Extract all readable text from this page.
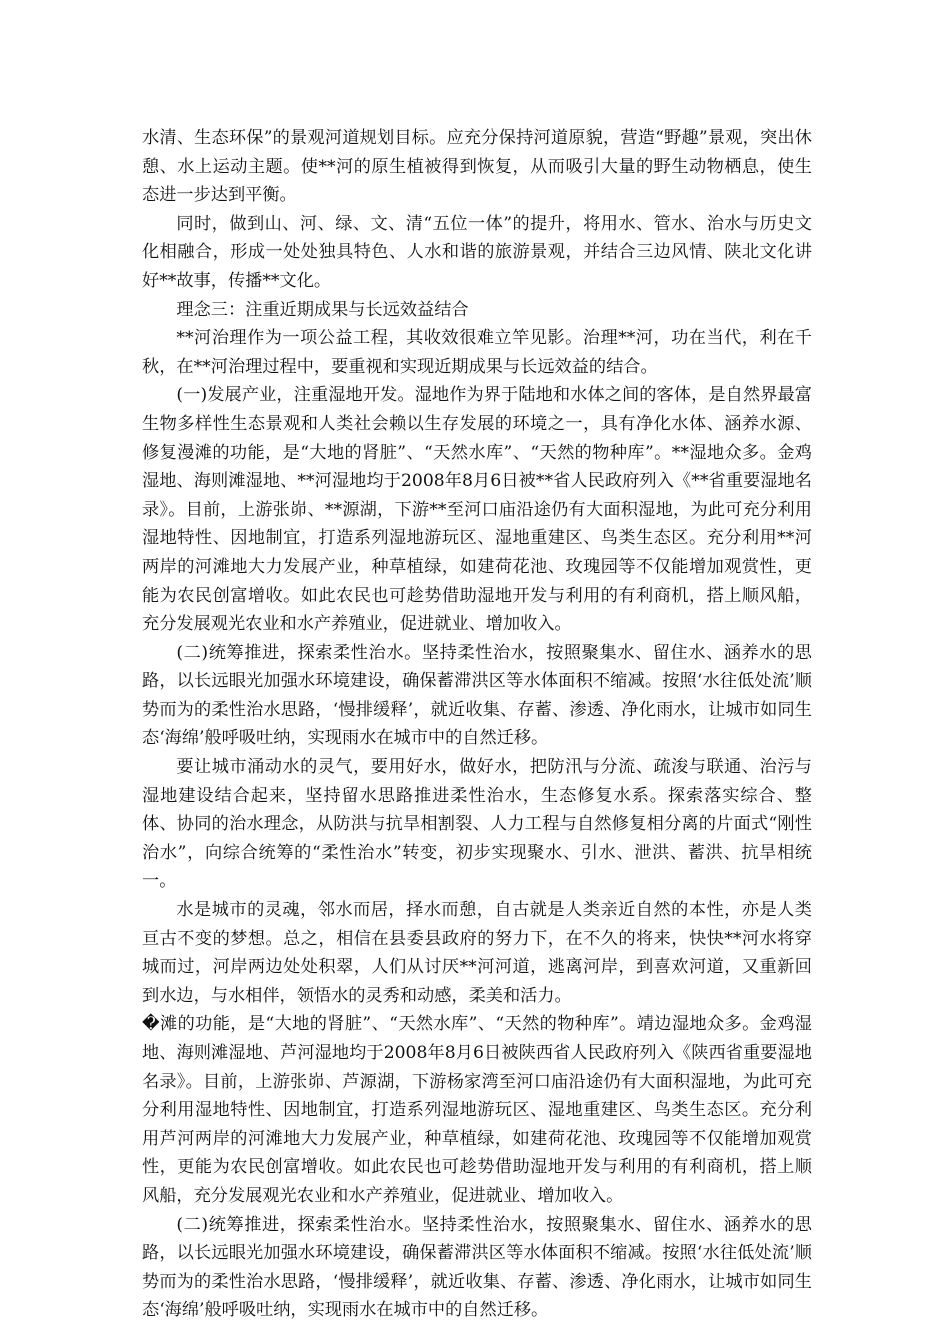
水清、生态环保”的景观河道规划目标。应充分保持河道原貌，营造“野趣”景观，突出休憩、水上运动主题。使**河的原生植被得到恢复，从而吸引大量的野生动物栖息，使生态进一步达到平衡。

同时，做到山、河、绿、文、清“五位一体”的提升，将用水、管水、治水与历史文化相融合，形成一处处独具特色、人水和谐的旅游景观，并结合三边风情、陕北文化讲好**故事，传播**文化。

理念三：注重近期成果与长远效益结合

**河治理作为一项公益工程，其收效很难立竿见影。治理**河，功在当代，利在千秋，在**河治理过程中，要重视和实现近期成果与长远效益的结合。

(一)发展产业，注重湿地开发。湿地作为界于陆地和水体之间的客体，是自然界最富生物多样性生态景观和人类社会赖以生存发展的环境之一，具有净化水体、涵养水源、修复漫滩的功能，是“大地的肾脏”、“天然水库”、“天然的物种库”。**湿地众多。金鸡湿地、海则滩湿地、**河湿地均于2008年8月6日被**省人民政府列入《**省重要湿地名录》。目前，上游张峁、**源湖，下游**至河口庙沿途仍有大面积湿地，为此可充分利用湿地特性、因地制宜，打造系列湿地游玩区、湿地重建区、鸟类生态区。充分利用**河两岸的河滩地大力发展产业，种草植绿，如建荷花池、玫瑰园等不仅能增加观赏性，更能为农民创富增收。如此农民也可趁势借助湿地开发与利用的有利商机，搭上顺风船，充分发展观光农业和水产养殖业，促进就业、增加收入。

(二)统筹推进，探索柔性治水。坚持柔性治水，按照聚集水、留住水、涵养水的思路，以长远眼光加强水环境建设，确保蓄滞洪区等水体面积不缩减。按照‘水往低处流’顺势而为的柔性治水思路，‘慢排缓释’，就近收集、存蓄、渗透、净化雨水，让城市如同生态‘海绵’般呼吸吐纳，实现雨水在城市中的自然迁移。

要让城市涌动水的灵气，要用好水，做好水，把防汛与分流、疏浚与联通、治污与湿地建设结合起来，坚持留水思路推进柔性治水，生态修复水系。探索落实综合、整体、协同的治水理念，从防洪与抗旱相割裂、人力工程与自然修复相分离的片面式“刚性治水”，向综合统筹的“柔性治水”转变，初步实现聚水、引水、泄洪、蓄洪、抗旱相统一。

水是城市的灵魂，邻水而居，择水而憩，自古就是人类亲近自然的本性，亦是人类亘古不变的梦想。总之，相信在县委县政府的努力下，在不久的将来，快快**河水将穿城而过，河岸两边处处积翠，人们从讨厌**河河道，逃离河岸，到喜欢河道，又重新回到水边，与水相伴，领悟水的灵秀和动感，柔美和活力。

�滩的功能，是“大地的肾脏”、“天然水库”、“天然的物种库”。靖边湿地众多。金鸡湿地、海则滩湿地、芦河湿地均于2008年8月6日被陕西省人民政府列入《陕西省重要湿地名录》。目前，上游张峁、芦源湖，下游杨家湾至河口庙沿途仍有大面积湿地，为此可充分利用湿地特性、因地制宜，打造系列湿地游玩区、湿地重建区、鸟类生态区。充分利用芦河两岸的河滩地大力发展产业，种草植绿，如建荷花池、玫瑰园等不仅能增加观赏性，更能为农民创富增收。如此农民也可趁势借助湿地开发与利用的有利商机，搭上顺风船，充分发展观光农业和水产养殖业，促进就业、增加收入。

(二)统筹推进，探索柔性治水。坚持柔性治水，按照聚集水、留住水、涵养水的思路，以长远眼光加强水环境建设，确保蓄滞洪区等水体面积不缩减。按照‘水往低处流’顺势而为的柔性治水思路，‘慢排缓释’，就近收集、存蓄、渗透、净化雨水，让城市如同生态‘海绵’般呼吸吐纳，实现雨水在城市中的自然迁移。
